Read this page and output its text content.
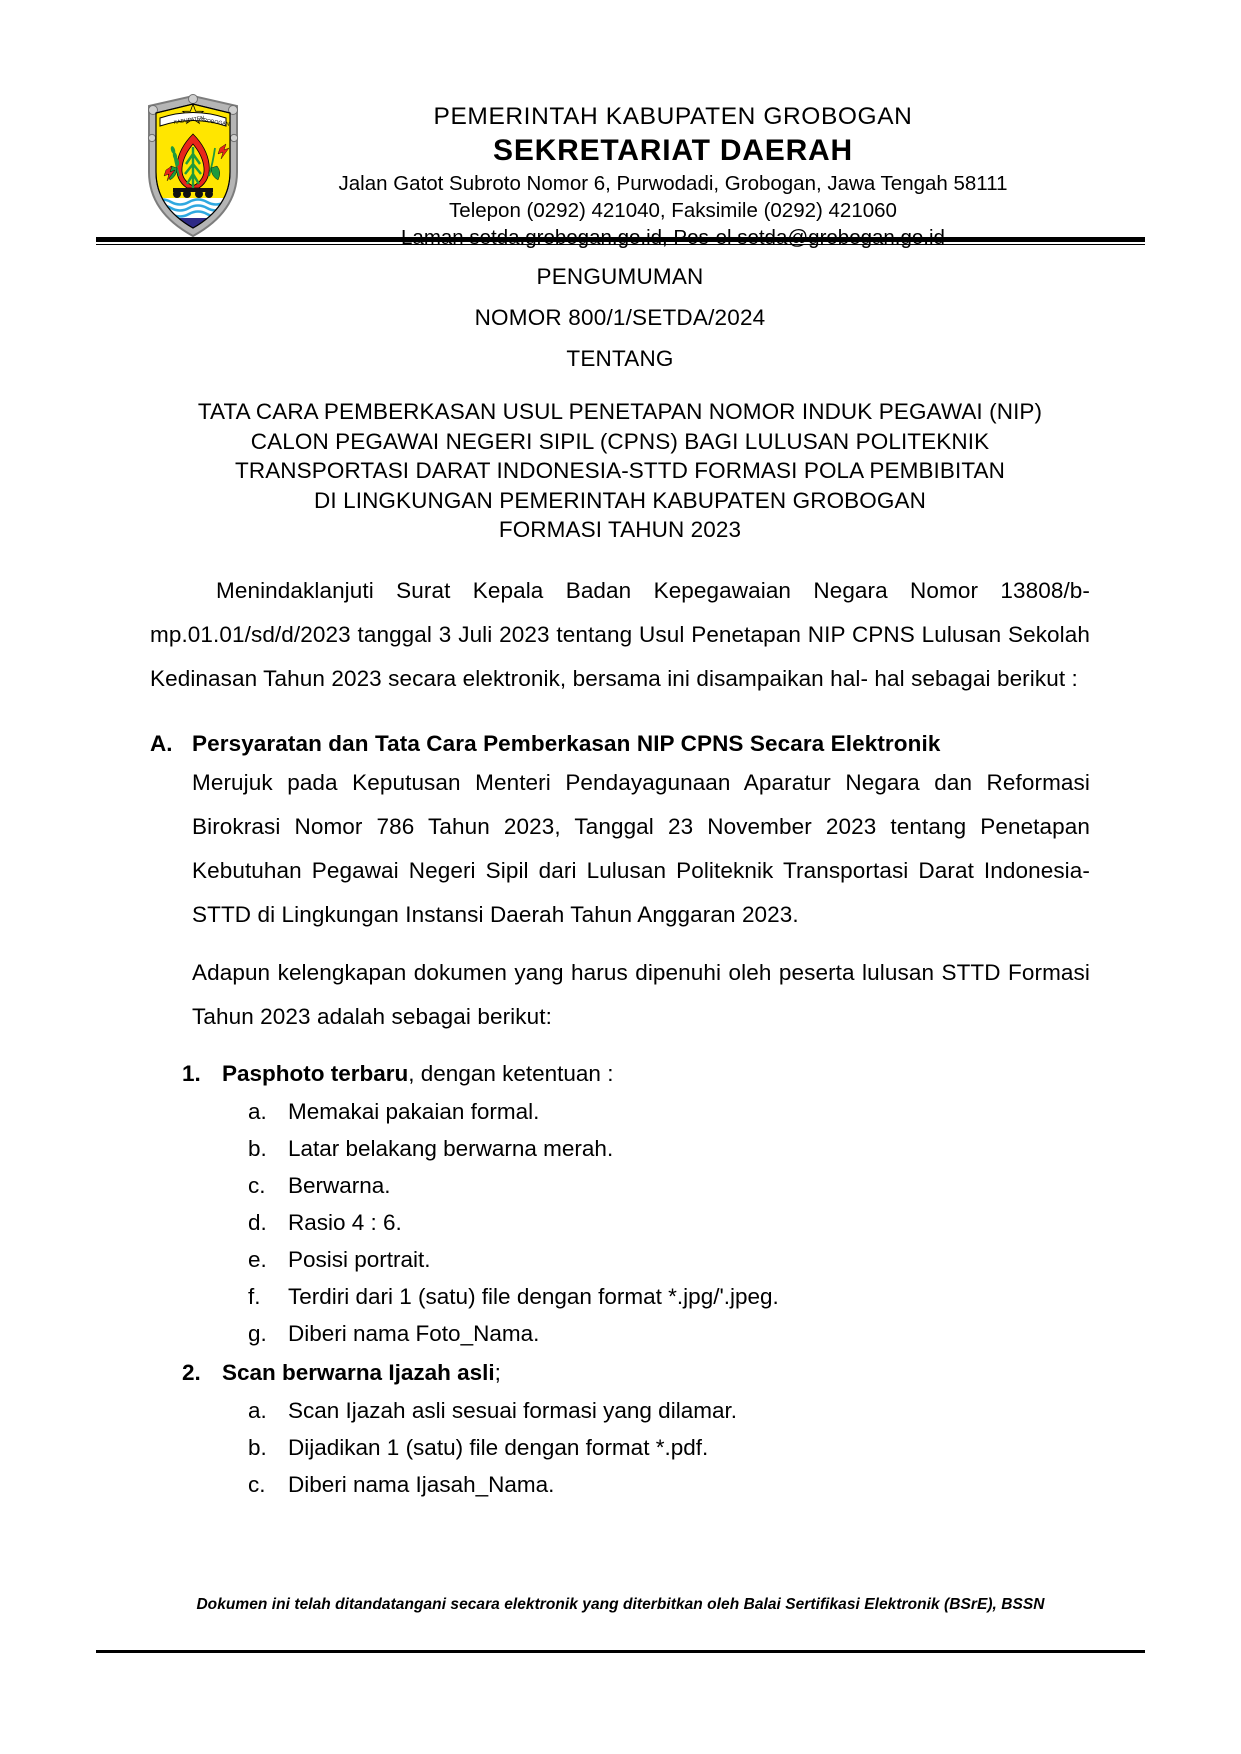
KABUPATEN
GROBOGAN	PEMERINTAH KABUPATEN GROBOGAN
SEKRETARIAT DAERAH
Jalan Gatot Subroto Nomor 6, Purwodadi, Grobogan, Jawa Tengah 58111
Telepon (0292) 421040, Faksimile (0292) 421060
PENGUMUMAN
NOMOR 800/1/SETDA/2024
TENTANG
TATA CARA PEMBERKASAN USUL PENETAPAN NOMOR INDUK PEGAWAI (NIP)
CALON PEGAWAI NEGERI SIPIL (CPNS) BAGI LULUSAN POLITEKNIK
TRANSPORTASI DARAT INDONESIA-STTD FORMASI POLA PEMBIBITAN
DI LINGKUNGAN PEMERINTAH KABUPATEN GROBOGAN
FORMASI TAHUN 2023

Menindaklanjuti Surat Kepala Badan Kepegawaian Negara Nomor 13808/b-mp.01.01/sd/d/2023 tanggal 3 Juli 2023 tentang Usul Penetapan NIP CPNS Lulusan Sekolah Kedinasan Tahun 2023 secara elektronik, bersama ini disampaikan hal- hal sebagai berikut :

A. Persyaratan dan Tata Cara Pemberkasan NIP CPNS Secara Elektronik

Merujuk pada Keputusan Menteri Pendayagunaan Aparatur Negara dan Reformasi Birokrasi Nomor 786 Tahun 2023, Tanggal 23 November 2023 tentang Penetapan Kebutuhan Pegawai Negeri Sipil dari Lulusan Politeknik Transportasi Darat Indonesia-STTD di Lingkungan Instansi Daerah Tahun Anggaran 2023.

Adapun kelengkapan dokumen yang harus dipenuhi oleh peserta lulusan STTD Formasi Tahun 2023 adalah sebagai berikut:

1. Pasphoto terbaru, dengan ketentuan :
a. Memakai pakaian formal.
b. Latar belakang berwarna merah.
c. Berwarna.
d. Rasio 4 : 6.
e. Posisi portrait.
f.	Terdiri dari 1 (satu) file dengan format *.jpg/'.jpeg.
g. Diberi nama Foto_Nama.
2. Scan berwarna Ijazah asli;
a. Scan Ijazah asli sesuai formasi yang dilamar.
b. Dijadikan 1 (satu) file dengan format *.pdf.
c. Diberi nama Ijasah_Nama.
Dokumen ini telah ditandatangani secara elektronik yang diterbitkan oleh Balai Sertifikasi Elektronik (BSrE), BSSN
